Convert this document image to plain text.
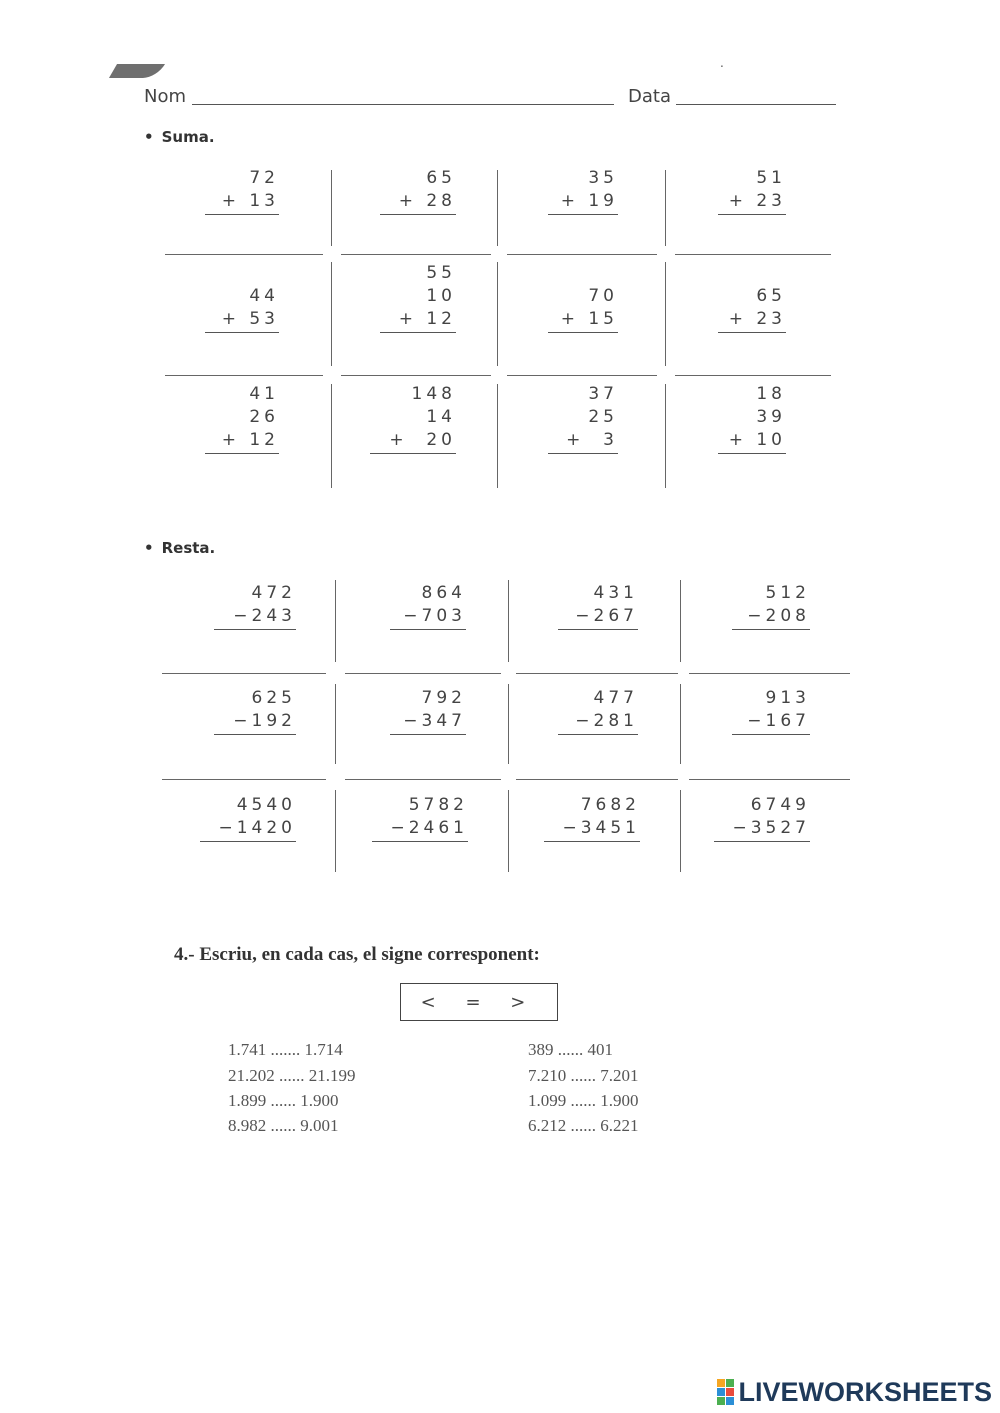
.
Nom	Data
• Suma.
• Resta.
4.- Escriu, en cada cas, el signe corresponent:
< = >
1.741 ....... 1.714
21.202 ...... 21.199
1.899 ...... 1.900
8.982 ...... 9.001
389 ...... 401
7.210 ...... 7.201
1.099 ...... 1.900
6.212 ...... 6.221
LIVEWORKSHEETS
72
+ 13
65
+ 28
35
+ 19
51
+ 23
44
+ 53
55
10
+ 12
70
+ 15
65
+ 23
41
26
+ 12
148
14
+  20
37
25
+  3
18
39
+ 10
472
−243
864
−703
431
−267
512
−208
625
−192
792
−347
477
−281
913
−167
4540
−1420
5782
−2461
7682
−3451
6749
−3527
